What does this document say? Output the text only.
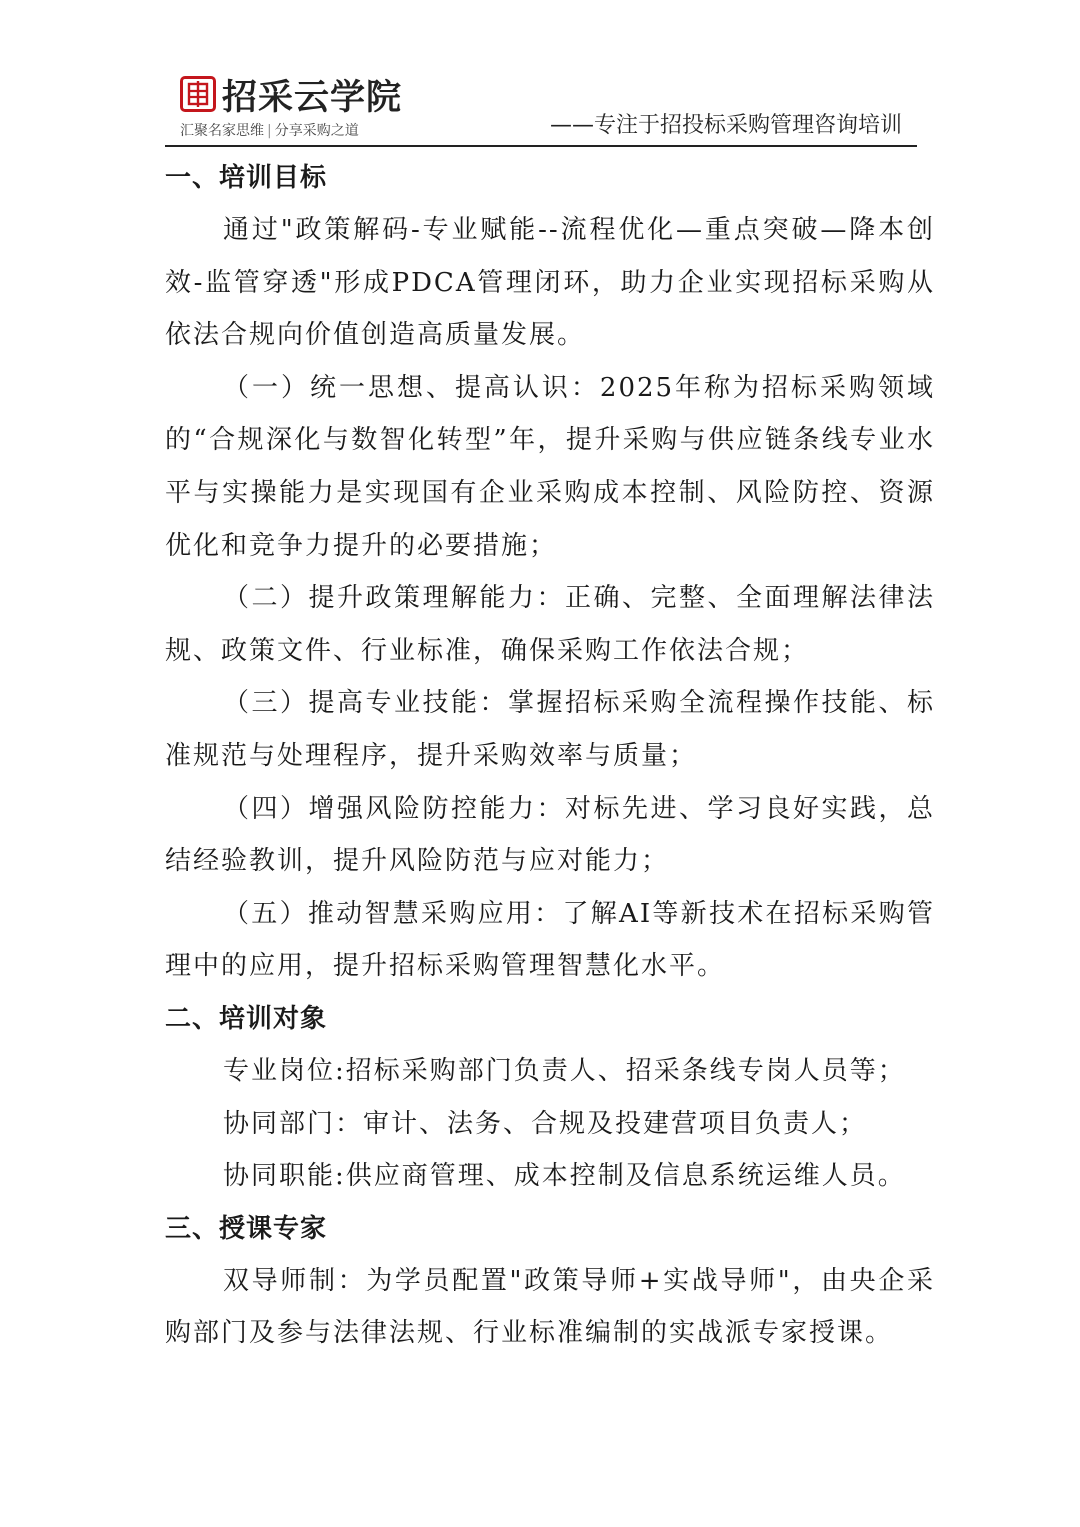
招采云学院
汇聚名家思维 | 分享采购之道	——专注于招投标采购管理咨询培训
一、培训目标

通过"政策解码-专业赋能--流程优化—重点突破—降本创效-监管穿透"形成PDCA管理闭环，助力企业实现招标采购从依法合规向价值创造高质量发展。

（一）统一思想、提高认识：2025年称为招标采购领域的“合规深化与数智化转型”年，提升采购与供应链条线专业水平与实操能力是实现国有企业采购成本控制、风险防控、资源优化和竞争力提升的必要措施；

（二）提升政策理解能力：正确、完整、全面理解法律法规、政策文件、行业标准，确保采购工作依法合规；

（三）提高专业技能：掌握招标采购全流程操作技能、标准规范与处理程序，提升采购效率与质量；

（四）增强风险防控能力：对标先进、学习良好实践，总结经验教训，提升风险防范与应对能力；

（五）推动智慧采购应用：了解AI等新技术在招标采购管理中的应用，提升招标采购管理智慧化水平。

二、培训对象

专业岗位:招标采购部门负责人、招采条线专岗人员等；

协同部门：审计、法务、合规及投建营项目负责人；

协同职能:供应商管理、成本控制及信息系统运维人员。

三、授课专家

双导师制：为学员配置"政策导师+实战导师"，由央企采购部门及参与法律法规、行业标准编制的实战派专家授课。
